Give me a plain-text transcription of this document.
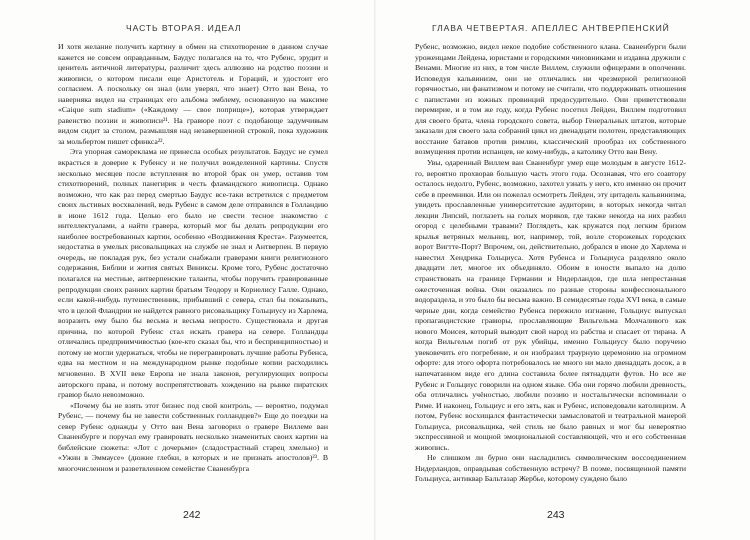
ЧАСТЬ ВТОРАЯ. ИДЕАЛ

И хотя желание получить картину в обмен на стихотворение в данном случае кажется не совсем оправданным, Баудус полагался на то, что Рубенс, эрудит и ценитель античной литературы, различит здесь аллюзию на родство поэзии и живописи, о котором писали еще Аристотель и Гораций, и удостоит его согласием. А поскольку он знал (или уверял, что знает) Отто ван Вена, то наверняка видел на страницах его альбома эмблему, основанную на максиме «Caique sum stadium» («Каждому — свое поприще»), которая утверждает равенство поэзии и живописи²¹. На гравюре поэт с подобающе задумчивым видом сидит за столом, размышляя над незавершенной строкой, пока художник за мольбертом пишет сфинкса²².

Эта упорная саморекламa не принесла особых результатов. Баудус не сумел вкрасться в доверие к Рубенсу и не получил вожделенной картины. Спустя несколько месяцев после вступления во второй брак он умер, оставив том стихотворений, полных панегирик в честь фламандского живописца. Однако возможно, что как раз перед смертью Баудус все-таки встретился с предметом своих льстивых восхвалений, ведь Рубенс в самом деле отправился в Голландию в июне 1612 года. Целью его было не свести тесное знакомство с интеллектуалами, а найти гравера, который мог бы делать репродукции его наиболее востребованных картин, особенно «Воздвижения Креста». Разумеется, недостатка в умелых рисовальщиках на службе не знал и Антверпен. В первую очередь, не покладая рук, без устали снабжали граверами книги религиозного содержания, Библии и жития святых Виниксы. Кроме того, Рубенс достаточно полагался на местные, антверпенские таланты, чтобы поручить гравированные репродукции своих ранних картин братьям Теодору и Корнелису Галле. Однако, если какой-нибудь путешественник, прибывший с севера, стал бы показывать, что в целой Фландрии не найдется равного рисовальщику Гольциусу из Харлема, возразить ему было бы весьма и весьма непросто. Существовала и другая причина, по которой Рубенс стал искать гравера на севере. Голландцы отличались предприимчивостью (кое-кто сказал бы, что и беспринципностью) и потому не могли удержаться, чтобы не перегравировать лучшие работы Рубенса, едва на местном и на международном рынке подобные копии расходились мгновенно. В XVII веке Европа не знала законов, регулирующих вопросы авторского права, и потому воспрепятствовать хождению на рынке пиратских гравюр было невозможно.

«Почему бы не взять этот бизнес под свой контроль, — вероятно, подумал Рубенс, — почему бы не завести собственных голландцев?» Еще до поездки на север Рубенс однажды у Отто ван Вена заговорил о гравере Виллеме ван Сваненбурге и поручал ему гравировать несколько знаменитых своих картин на библейские сюжеты: «Лот с дочерьми» (сладострастный старец хмельно) и «Ужин в Эммаусе» (дюжие глебки, в которых и не признать апостолов)²³. В многочисленном и разветвленном семействе Сваненбурга

242
ГЛАВА ЧЕТВЕРТАЯ. АПЕЛЛЕС АНТВЕРПЕНСКИЙ

Рубенс, возможно, видел некое подобие собственного клана. Сваненбурги были уроженцами Лейдена, юристами и городскими чиновниками и издавна дружили с Венами. Многие из них, в том числе Виллем, служили офицерами в ополчении. Исповедуя кальвинизм, они не отличались ни чрезмерной религиозной горячностью, ни фанатизмом и потому не считали, что поддерживать отношения с папистами из южных провинций предосудительно. Они приветствовали перемирие, и в том же году, когда Рубенс посетил Лейден, Виллем подготовил для своего брата, члена городского совета, выбор Генеральных штатов, которые заказали для своего зала собраний цикл из двенадцати полотен, представляющих восстание батавов против римлян, классический прообраз их собственного возмущения против испанцев, не кому-нибудь, а католику Отто ван Вену.

Увы, одаренный Виллем ван Сваненбург умер еще молодым в августе 1612-го, вероятно прохворав большую часть этого года. Осознавая, что его соавтору осталось недолго, Рубенс, возможно, захотел узнать у него, кто именно он прочит себе в преемники. Или он пожелал осмотреть Лейден, эту цитадель кальвинизма, увидеть прославленные университетские аудитории, в которых некогда читал лекции Липсий, поглазеть на голых моряков, где также некогда на них разбил огород с целебными травами? Поглядеть, как кружатся под легким бризом крылья ветряных мельниц, вот, например, той, возле сторожевых городских ворот Вигтте-Порт? Впрочем, он, действительно, добрался в июне до Харлема и навестил Хендрика Гольциуса. Хотя Рубенса и Гольциуса разделяло около двадцати лет, многое их объединяло. Обоим в юности выпало на долю странствовать на границе Германии и Нидерландов, где шла непрестанная ожесточенная война. Они оказались по разные стороны конфессионального водораздела, и это было бы весьма важно. В семидесятые годы XVI века, в самые черные дни, когда семейство Рубенса пережило изгнание, Гольциус выпускал пропагандистские гравюры, прославляющие Вильгельма Молчаливого как нового Моисея, который выводит свой народ из рабства и спасает от тирана. А когда Вильгельм погиб от рук убийцы, именно Гольциусу было поручено увековечить его погребение, и он изобразил траурную церемонию на огромном офорте: для этого офорта потребовалось не много ни мало двенадцать досок, а в напечатанном виде его длина составила более пятнадцати футов. Но все же Рубенс и Гольциус говорили на одном языке. Оба они горячо любили древность, оба отличались учёностью, любили поэзию и ностальгически вспоминали о Риме. И наконец, Гольциус и его зять, как и Рубенс, исповедовали католицизм. А потом, Рубенс восхищался фантастически замысловатой и театральной манерой Гольциуса, рисовальщика, чей стиль не было равных и мог бы невероятно экспрессивной и мощной эмоциональной составляющей, что и его собственная живопись.

Не слишком ли бурно они насладились символическим воссоединением Нидерландов, оправдывая собственную встречу? В поэме, посвященной памяти Гольциуса, антиквар Бальтазар Жербье, которому суждено было

243
